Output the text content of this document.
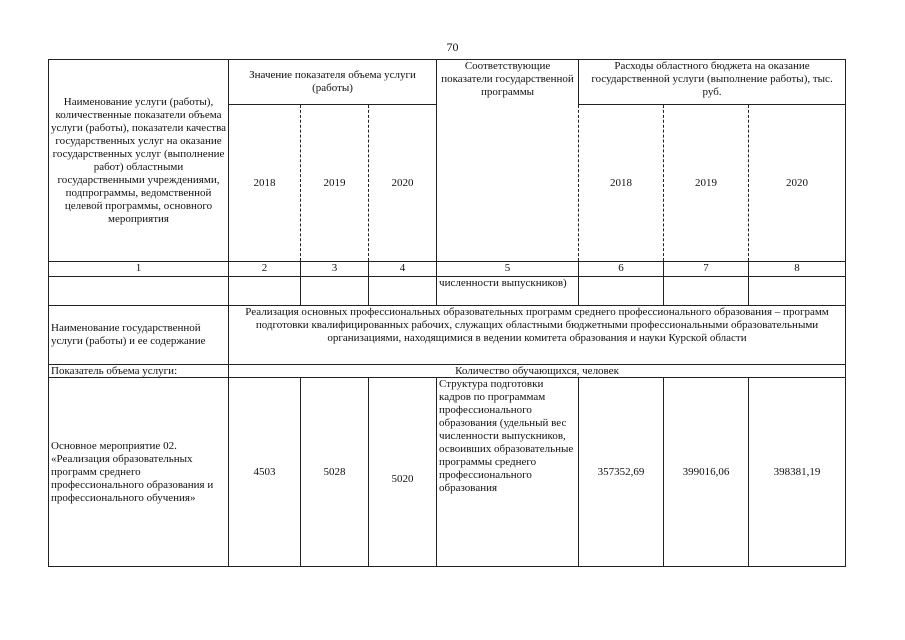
70
Наименование услуги (работы), количественные показатели объема услуги (работы), показатели качества государственных услуг на оказание государственных услуг (выполнение работ) областными государственными учреждениями, подпрограммы, ведомственной целевой программы, основного мероприятия	Значение показателя объема услуги (работы)			Соответствующие показатели государственной программы	Расходы областного бюджета на оказание государственной услуги (выполнение работы), тыс. руб.		
	2018	2019	2020		2018	2019	2020
1	2	3	4	5	6	7	8
				численности выпускников)			
Наименование государственной услуги (работы) и ее содержание	Реализация основных профессиональных образовательных программ среднего профессионального образования – программ подготовки квалифицированных рабочих, служащих областными бюджетными профессиональными образовательными организациями, находящимися в ведении комитета образования и науки Курской области						
Показатель объема услуги:	Количество обучающихся, человек						
Основное мероприятие 02. «Реализация образовательных программ среднего профессионального образования и профессионального обучения»	4503	5028	5020	Структура подготовки кадров по программам профессионального образования (удельный вес численности выпускников, освоивших образовательные программы среднего профессионального образования	357352,69	399016,06	398381,19
